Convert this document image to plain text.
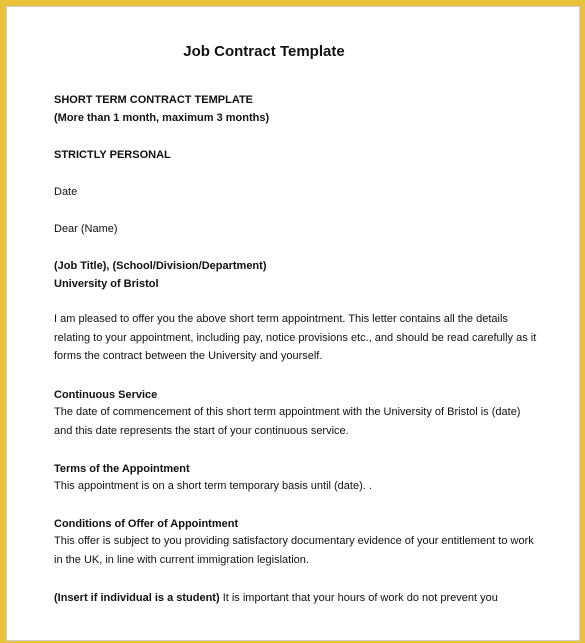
Job Contract Template
SHORT TERM CONTRACT TEMPLATE
(More than 1 month, maximum 3 months)
STRICTLY PERSONAL
Date
Dear (Name)
(Job Title), (School/Division/Department)
University of Bristol
I am pleased to offer you the above short term appointment. This letter contains all the details
relating to your appointment, including pay, notice provisions etc., and should be read carefully as it
forms the contract between the University and yourself.
Continuous Service
The date of commencement of this short term appointment with the University of Bristol is (date)
and this date represents the start of your continuous service.
Terms of the Appointment
This appointment is on a short term temporary basis until (date). .
Conditions of Offer of Appointment
This offer is subject to you providing satisfactory documentary evidence of your entitlement to work
in the UK, in line with current immigration legislation.
(Insert if individual is a student) It is important that your hours of work do not prevent you
